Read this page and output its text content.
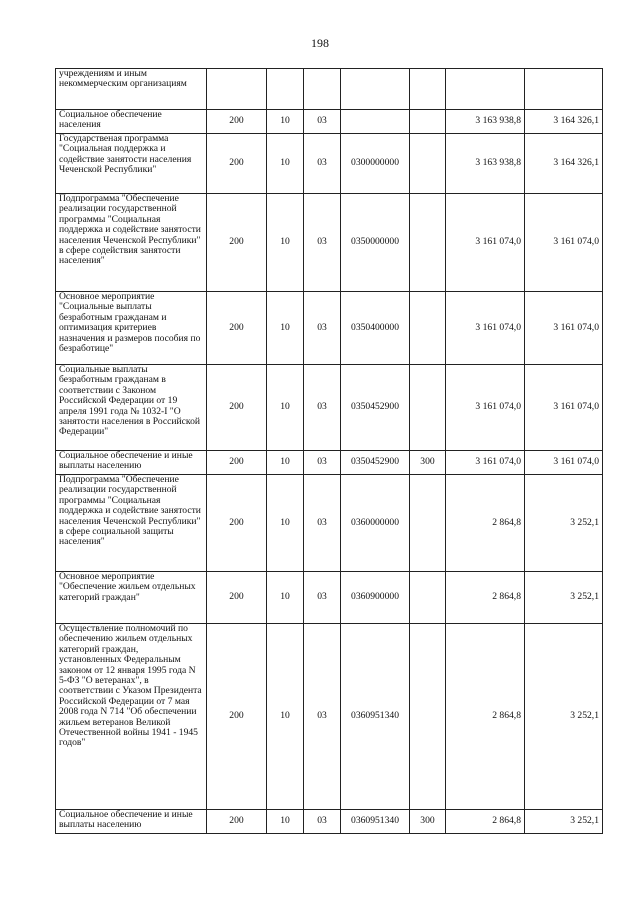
198
учреждениям и иным некоммерческим организациям							
Социальное обеспечение населения	200	10	03			3 163 938,8	3 164 326,1
Государственая программа "Социальная поддержка и содействие занятости населения Чеченской Республики"	200	10	03	0300000000		3 163 938,8	3 164 326,1
Подпрограмма "Обеспечение реализации государственной программы "Социальная поддержка и содействие занятости населения Чеченской Республики" в сфере содействия занятости населения"	200	10	03	0350000000		3 161 074,0	3 161 074,0
Основное мероприятие "Социальные выплаты безработным гражданам и оптимизация критериев назначения и размеров пособия по безработице"	200	10	03	0350400000		3 161 074,0	3 161 074,0
Социальные выплаты безработным гражданам в соответствии с Законом Российской Федерации от 19 апреля 1991 года № 1032-I "О занятости населения в Российской Федерации"	200	10	03	0350452900		3 161 074,0	3 161 074,0
Социальное обеспечение и иные выплаты населению	200	10	03	0350452900	300	3 161 074,0	3 161 074,0
Подпрограмма "Обеспечение реализации государственной программы "Социальная поддержка и содействие занятости населения Чеченской Республики" в сфере социальной защиты населения"	200	10	03	0360000000		2 864,8	3 252,1
Основное мероприятие "Обеспечение жильем отдельных категорий граждан"	200	10	03	0360900000		2 864,8	3 252,1
Осуществление полномочий по обеспечению жильем отдельных категорий граждан, установленных Федеральным законом от 12 января 1995 года N 5-ФЗ "О ветеранах", в соответствии с Указом Президента Российской Федерации от 7 мая 2008 года N 714 "Об обеспечении жильем ветеранов Великой Отечественной войны 1941 - 1945 годов"	200	10	03	0360951340		2 864,8	3 252,1
Социальное обеспечение и иные выплаты населению	200	10	03	0360951340	300	2 864,8	3 252,1
